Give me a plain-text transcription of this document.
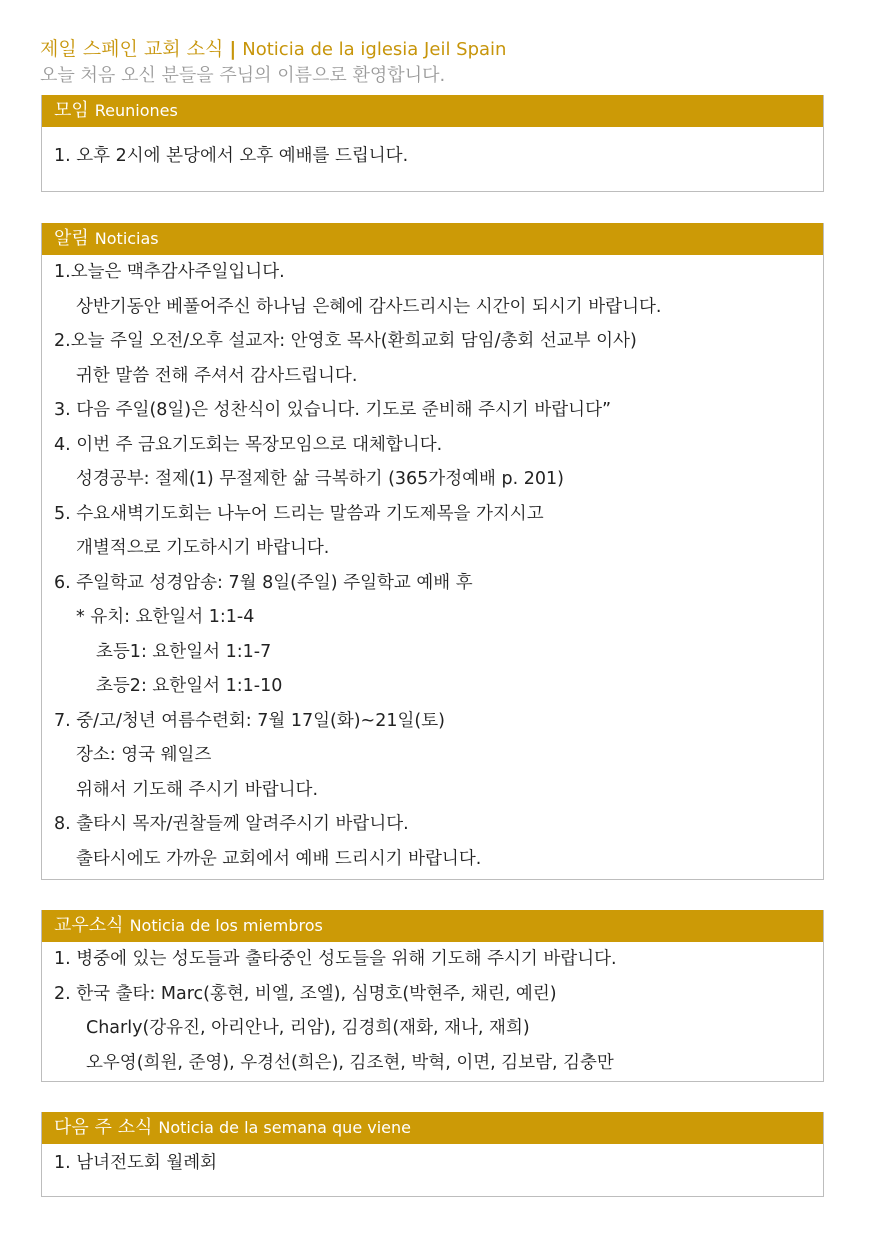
제일 스페인 교회 소식 | Noticia de la iglesia Jeil Spain
오늘 처음 오신 분들을 주님의 이름으로 환영합니다.
모임 Reuniones
1. 오후 2시에 본당에서 오후 예배를 드립니다.
알림 Noticias
1.오늘은 맥추감사주일입니다.
상반기동안 베풀어주신 하나님 은혜에 감사드리시는 시간이 되시기 바랍니다.
2.오늘 주일 오전/오후 설교자: 안영호 목사(환희교회 담임/총회 선교부 이사)
귀한 말씀 전해 주셔서 감사드립니다.
3. 다음 주일(8일)은 성찬식이 있습니다. 기도로 준비해 주시기 바랍니다”
4. 이번 주 금요기도회는 목장모임으로 대체합니다.
성경공부: 절제(1) 무절제한 삶 극복하기 (365가정예배 p. 201)
5. 수요새벽기도회는 나누어 드리는 말씀과 기도제목을 가지시고
개별적으로 기도하시기 바랍니다.
6. 주일학교 성경암송: 7월 8일(주일) 주일학교 예배 후
* 유치: 요한일서 1:1-4
초등1: 요한일서 1:1-7
초등2: 요한일서 1:1-10
7. 중/고/청년 여름수련회: 7월 17일(화)~21일(토)
장소: 영국 웨일즈
위해서 기도해 주시기 바랍니다.
8. 출타시 목자/권찰들께 알려주시기 바랍니다.
출타시에도 가까운 교회에서 예배 드리시기 바랍니다.
교우소식 Noticia de los miembros
1. 병중에 있는 성도들과 출타중인 성도들을 위해 기도해 주시기 바랍니다.
2. 한국 출타: Marc(홍현, 비엘, 조엘), 심명호(박현주, 채린, 예린)
Charly(강유진, 아리안나, 리암), 김경희(재화, 재나, 재희)
오우영(희원, 준영), 우경선(희은), 김조현, 박혁, 이면, 김보람, 김충만
다음 주 소식 Noticia de la semana que viene
1. 남녀전도회 월례회
